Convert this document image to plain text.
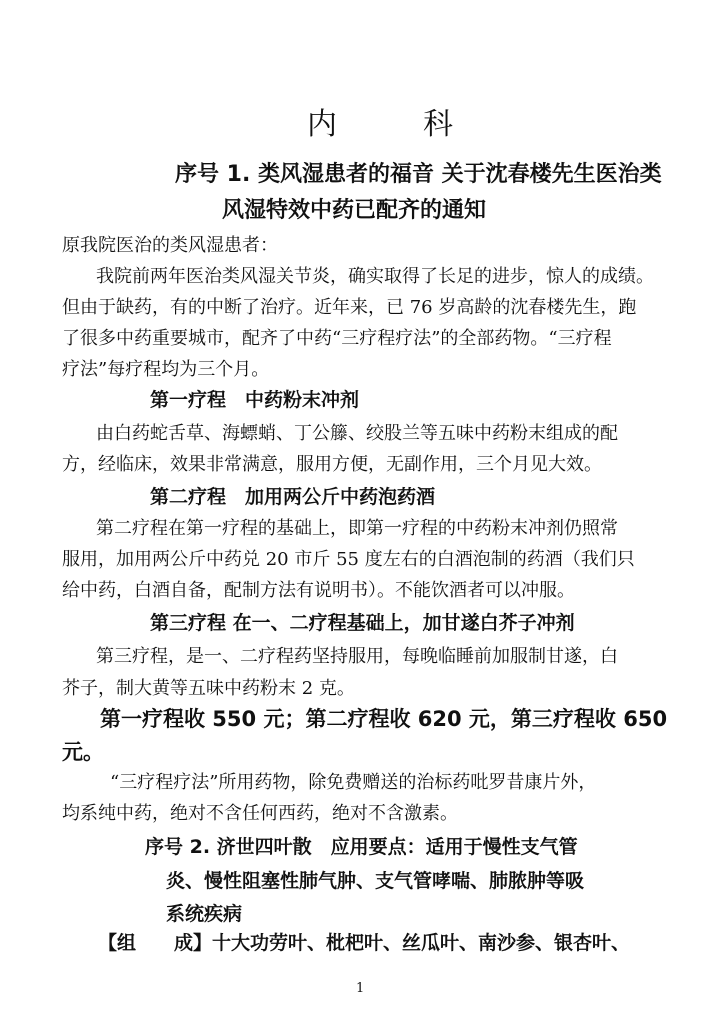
内　科
序号 1. 类风湿患者的福音 关于沈春楼先生医治类
风湿特效中药已配齐的通知
原我院医治的类风湿患者：
我院前两年医治类风湿关节炎，确实取得了长足的进步，惊人的成绩。
但由于缺药，有的中断了治疗。近年来，已 76 岁高龄的沈春楼先生，跑
了很多中药重要城市，配齐了中药“三疗程疗法”的全部药物。“三疗程
疗法”每疗程均为三个月。
第一疗程　中药粉末冲剂
由白药蛇舌草、海螵蛸、丁公籐、绞股兰等五味中药粉末组成的配
方，经临床，效果非常满意，服用方便，无副作用，三个月见大效。
第二疗程　加用两公斤中药泡药酒
第二疗程在第一疗程的基础上，即第一疗程的中药粉末冲剂仍照常
服用，加用两公斤中药兑 20 市斤 55 度左右的白酒泡制的药酒（我们只
给中药，白酒自备，配制方法有说明书）。不能饮酒者可以冲服。
第三疗程 在一、二疗程基础上，加甘遂白芥子冲剂
第三疗程，是一、二疗程药坚持服用，每晚临睡前加服制甘遂，白
芥子，制大黄等五味中药粉末 2 克。
第一疗程收 550 元；第二疗程收 620 元，第三疗程收 650
元。
“三疗程疗法”所用药物，除免费赠送的治标药吡罗昔康片外，
均系纯中药，绝对不含任何西药，绝对不含激素。
序号 2. 济世四叶散　应用要点：适用于慢性支气管
炎、慢性阻塞性肺气肿、支气管哮喘、肺脓肿等吸
系统疾病
【组　　成】十大功劳叶、枇杷叶、丝瓜叶、南沙参、银杏叶、
1
